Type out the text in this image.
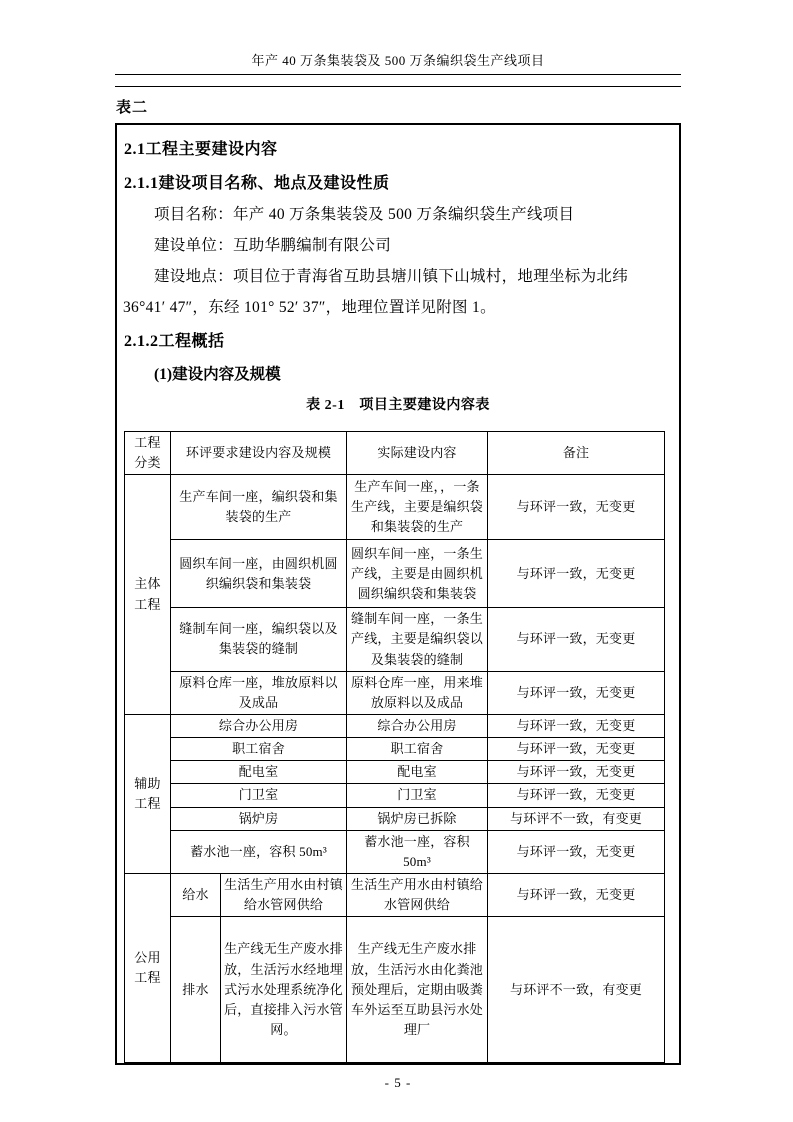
年产 40 万条集装袋及 500 万条编织袋生产线项目
表二
2.1工程主要建设内容
2.1.1建设项目名称、地点及建设性质

项目名称：年产 40 万条集装袋及 500 万条编织袋生产线项目

建设单位：互助华鹏编制有限公司

建设地点：项目位于青海省互助县塘川镇下山城村，地理坐标为北纬 36°41′ 47″，东经 101° 52′ 37″，地理位置详见附图 1。

2.1.2工程概括
(1)建设内容及规模
表 2-1　项目主要建设内容表
工程分类	环评要求建设内容及规模		实际建设内容	备注
主体工程	生产车间一座，编织袋和集装袋的生产		生产车间一座，，一条生产线，主要是编织袋和集装袋的生产	与环评一致，无变更
	圆织车间一座，由圆织机圆织编织袋和集装袋		圆织车间一座，一条生产线，主要是由圆织机圆织编织袋和集装袋	与环评一致，无变更
	缝制车间一座，编织袋以及集装袋的缝制		缝制车间一座，一条生产线，主要是编织袋以及集装袋的缝制	与环评一致，无变更
	原料仓库一座，堆放原料以及成品		原料仓库一座，用来堆放原料以及成品	与环评一致，无变更
辅助工程	综合办公用房		综合办公用房	与环评一致，无变更
	职工宿舍		职工宿舍	与环评一致，无变更
	配电室		配电室	与环评一致，无变更
	门卫室		门卫室	与环评一致，无变更
	锅炉房		锅炉房已拆除	与环评不一致，有变更
	蓄水池一座，容积 50m³		蓄水池一座，容积 50m³	与环评一致，无变更
公用工程	给水	生活生产用水由村镇给水管网供给	生活生产用水由村镇给水管网供给	与环评一致，无变更
	排水	生产线无生产废水排放，生活污水经地埋式污水处理系统净化后，直接排入污水管网。	生产线无生产废水排放，生活污水由化粪池预处理后，定期由吸粪车外运至互助县污水处理厂	与环评不一致，有变更
- 5 -
